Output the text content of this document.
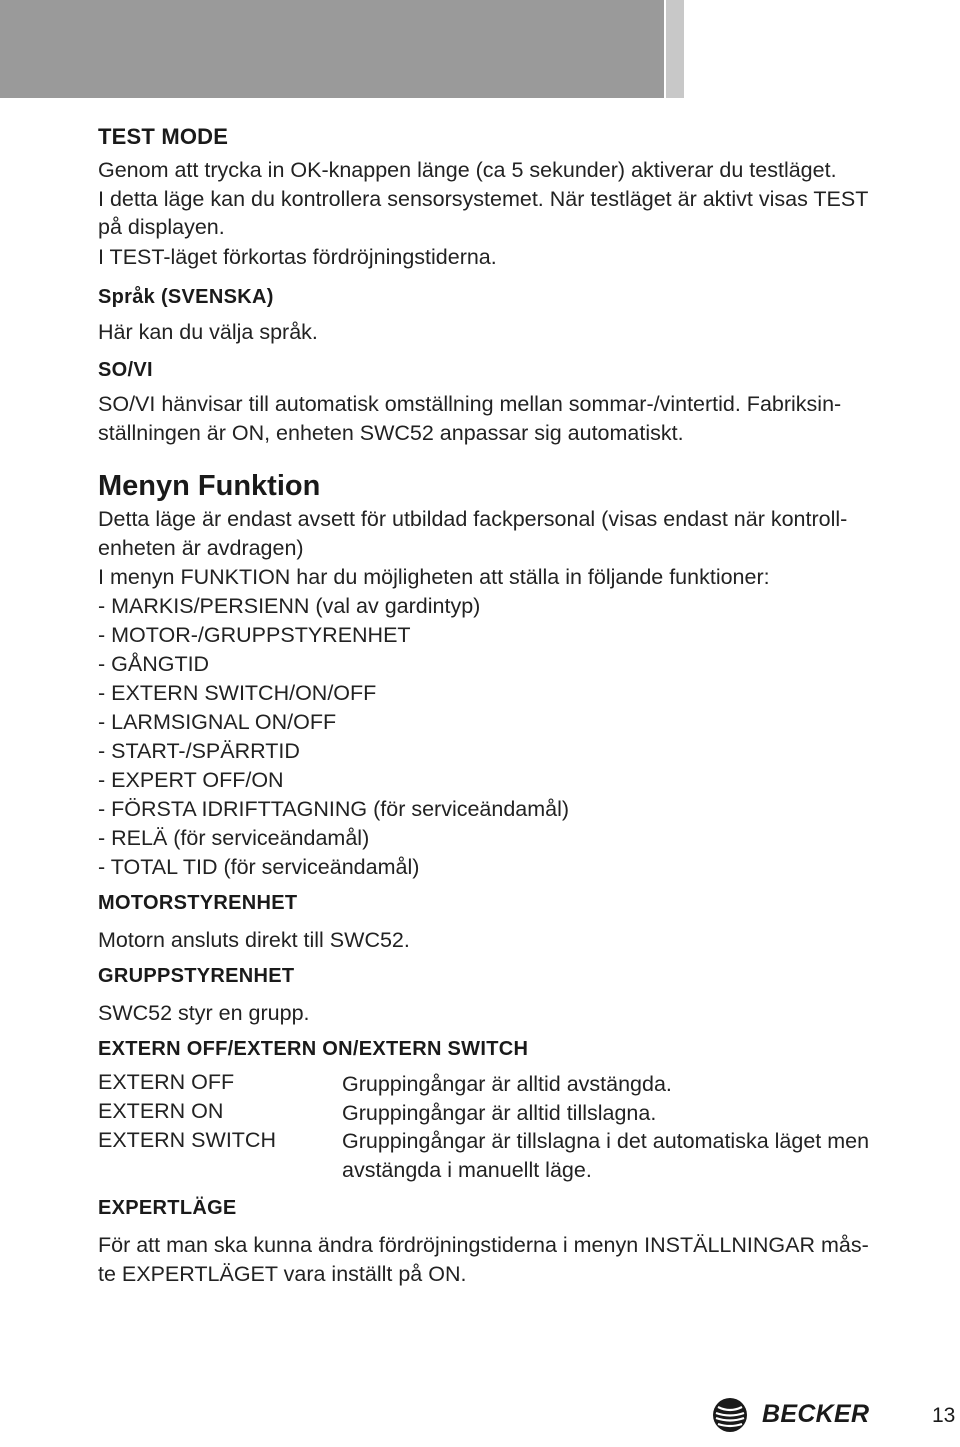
TEST MODE
Genom att trycka in OK-knappen länge (ca 5 sekunder) aktiverar du testläget.
I detta läge kan du kontrollera sensorsystemet. När testläget är aktivt visas TEST
på displayen.
I TEST-läget förkortas fördröjningstiderna.
Språk (SVENSKA)
Här kan du välja språk.
SO/VI
SO/VI hänvisar till automatisk omställning mellan sommar-/vintertid. Fabriksin-
ställningen är ON, enheten SWC52 anpassar sig automatiskt.
Menyn Funktion
Detta läge är endast avsett för utbildad fackpersonal (visas endast när kontroll-
enheten är avdragen)
I menyn FUNKTION har du möjligheten att ställa in följande funktioner:
- MARKIS/PERSIENN (val av gardintyp)
- MOTOR-/GRUPPSTYRENHET
- GÅNGTID
- EXTERN SWITCH/ON/OFF
- LARMSIGNAL ON/OFF
- START-/SPÄRRTID
- EXPERT OFF/ON
- FÖRSTA IDRIFTTAGNING (för serviceändamål)
- RELÄ (för serviceändamål)
- TOTAL TID (för serviceändamål)
MOTORSTYRENHET
Motorn ansluts direkt till SWC52.
GRUPPSTYRENHET
SWC52 styr en grupp.
EXTERN OFF/EXTERN ON/EXTERN SWITCH
EXTERN OFF	Gruppingångar är alltid avstängda.
EXTERN ON	Gruppingångar är alltid tillslagna.
EXTERN SWITCH	Gruppingångar är tillslagna i det automatiska läget men avstängda i manuellt läge.
EXPERTLÄGE
För att man ska kunna ändra fördröjningstiderna i menyn INSTÄLLNINGAR mås-
te EXPERTLÄGET vara inställt på ON.
BECKER	13
